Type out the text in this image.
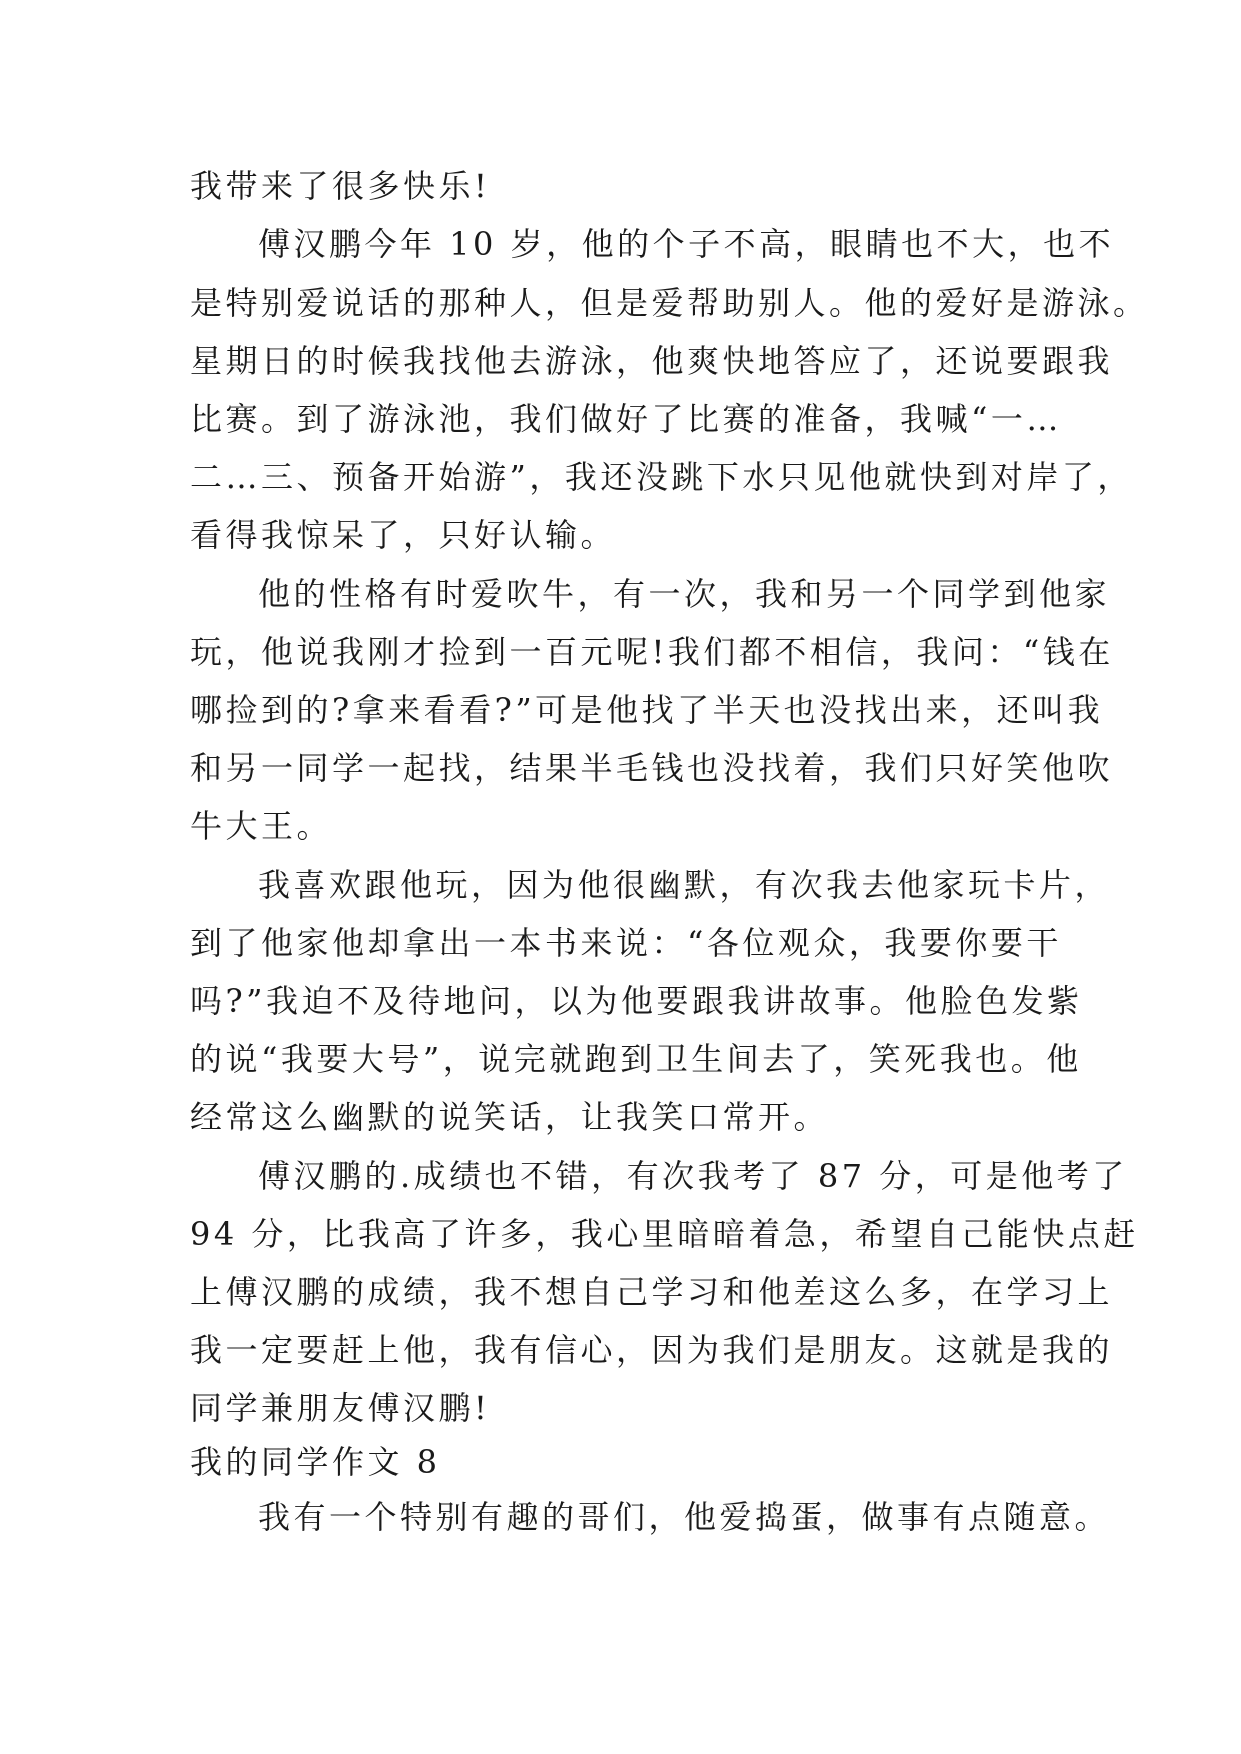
我带来了很多快乐!
傅汉鹏今年 10 岁，他的个子不高，眼睛也不大，也不
是特别爱说话的那种人，但是爱帮助别人。他的爱好是游泳。
星期日的时候我找他去游泳，他爽快地答应了，还说要跟我
比赛。到了游泳池，我们做好了比赛的准备，我喊“一…
二…三、预备开始游”，我还没跳下水只见他就快到对岸了，
看得我惊呆了，只好认输。
他的性格有时爱吹牛，有一次，我和另一个同学到他家
玩，他说我刚才捡到一百元呢!我们都不相信，我问：“钱在
哪捡到的?拿来看看?”可是他找了半天也没找出来，还叫我
和另一同学一起找，结果半毛钱也没找着，我们只好笑他吹
牛大王。
我喜欢跟他玩，因为他很幽默，有次我去他家玩卡片，
到了他家他却拿出一本书来说：“各位观众，我要你要干
吗?”我迫不及待地问，以为他要跟我讲故事。他脸色发紫
的说“我要大号”，说完就跑到卫生间去了，笑死我也。他
经常这么幽默的说笑话，让我笑口常开。
傅汉鹏的.成绩也不错，有次我考了 87 分，可是他考了
94 分，比我高了许多，我心里暗暗着急，希望自己能快点赶
上傅汉鹏的成绩，我不想自己学习和他差这么多，在学习上
我一定要赶上他，我有信心，因为我们是朋友。这就是我的
同学兼朋友傅汉鹏!
我的同学作文 8
我有一个特别有趣的哥们，他爱捣蛋，做事有点随意。
